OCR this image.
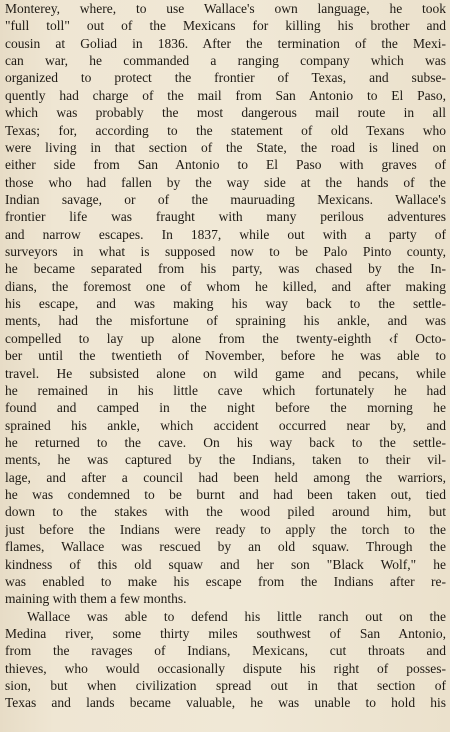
Monterey, where, to use Wallace's own language, he took
"full toll" out of the Mexicans for killing his brother and
cousin at Goliad in 1836. After the termination of the Mexi-
can war, he commanded a ranging company which was
organized to protect the frontier of Texas, and subse-
quently had charge of the mail from San Antonio to El Paso,
which was probably the most dangerous mail route in all
Texas; for, according to the statement of old Texans who
were living in that section of the State, the road is lined on
either side from San Antonio to El Paso with graves of
those who had fallen by the way side at the hands of the
Indian savage, or of the mauruading Mexicans. Wallace's
frontier life was fraught with many perilous adventures
and narrow escapes. In 1837, while out with a party of
surveyors in what is supposed now to be Palo Pinto county,
he became separated from his party, was chased by the In-
dians, the foremost one of whom he killed, and after making
his escape, and was making his way back to the settle-
ments, had the misfortune of spraining his ankle, and was
compelled to lay up alone from the twenty-eighth ‹f Octo-
ber until the twentieth of November, before he was able to
travel. He subsisted alone on wild game and pecans, while
he remained in his little cave which fortunately he had
found and camped in the night before the morning he
sprained his ankle, which accident occurred near by, and
he returned to the cave. On his way back to the settle-
ments, he was captured by the Indians, taken to their vil-
lage, and after a council had been held among the warriors,
he was condemned to be burnt and had been taken out, tied
down to the stakes with the wood piled around him, but
just before the Indians were ready to apply the torch to the
flames, Wallace was rescued by an old squaw. Through the
kindness of this old squaw and her son "Black Wolf," he
was enabled to make his escape from the Indians after re-
maining with them a few months.
Wallace was able to defend his little ranch out on the
Medina river, some thirty miles southwest of San Antonio,
from the ravages of Indians, Mexicans, cut throats and
thieves, who would occasionally dispute his right of posses-
sion, but when civilization spread out in that section of
Texas and lands became valuable, he was unable to hold his
